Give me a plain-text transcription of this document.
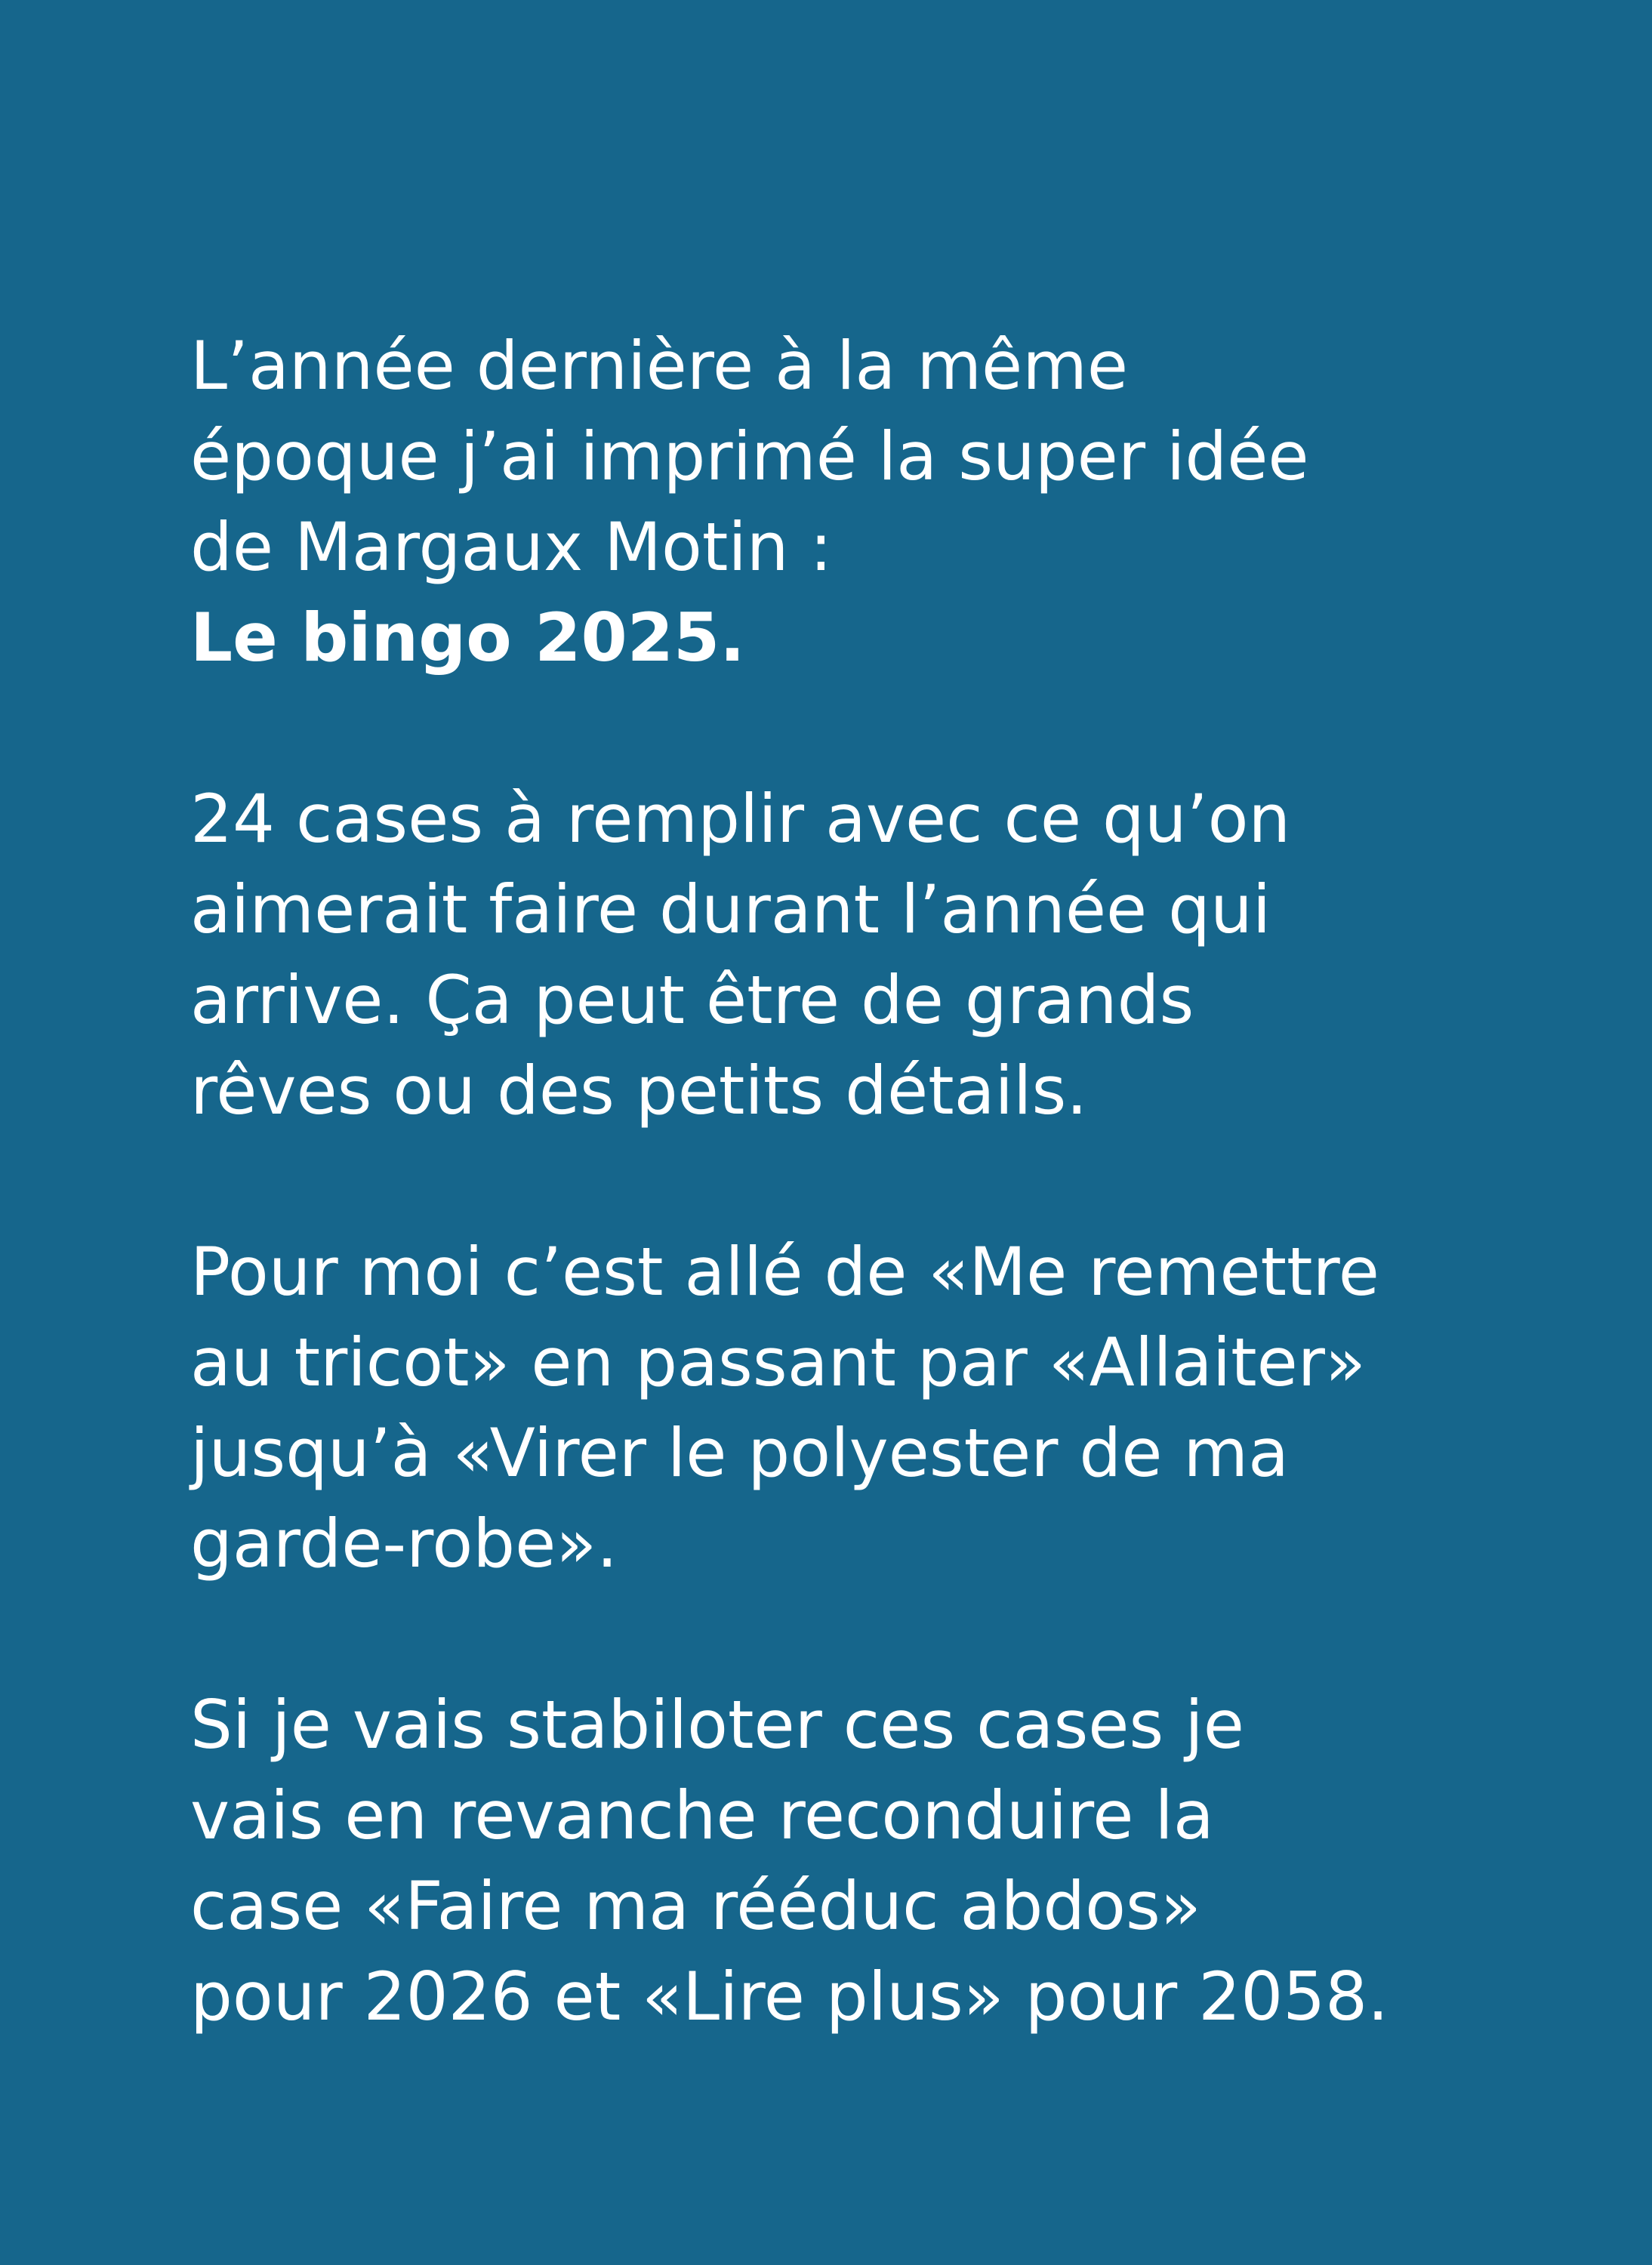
L’année dernière à la même
époque j’ai imprimé la super idée
de Margaux Motin :
Le bingo 2025.
24 cases à remplir avec ce qu’on
aimerait faire durant l’année qui
arrive. Ça peut être de grands
rêves ou des petits détails.
Pour moi c’est allé de «Me remettre
au tricot» en passant par «Allaiter»
jusqu’à «Virer le polyester de ma
garde-robe».
Si je vais stabiloter ces cases je
vais en revanche reconduire la
case «Faire ma rééduc abdos»
pour 2026 et «Lire plus» pour 2058.
